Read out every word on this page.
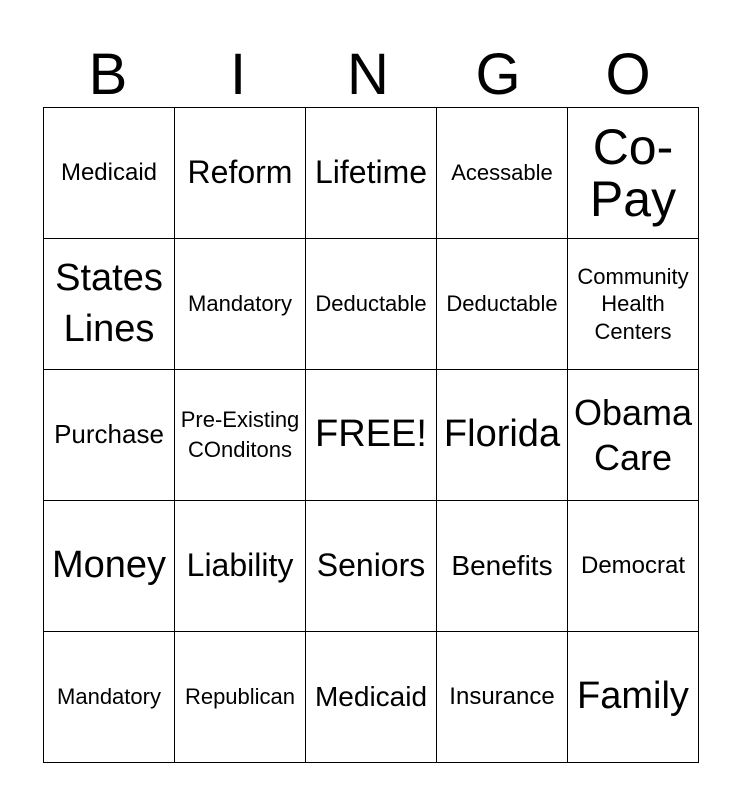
B	I	N	G	O
Medicaid	Reform	Lifetime	Acessable	Co-Pay
States Lines	Mandatory	Deductable	Deductable	Community Health Centers
Purchase	Pre-Existing COnditons	FREE!	Florida	Obama Care
Money	Liability	Seniors	Benefits	Democrat
Mandatory	Republican	Medicaid	Insurance	Family
